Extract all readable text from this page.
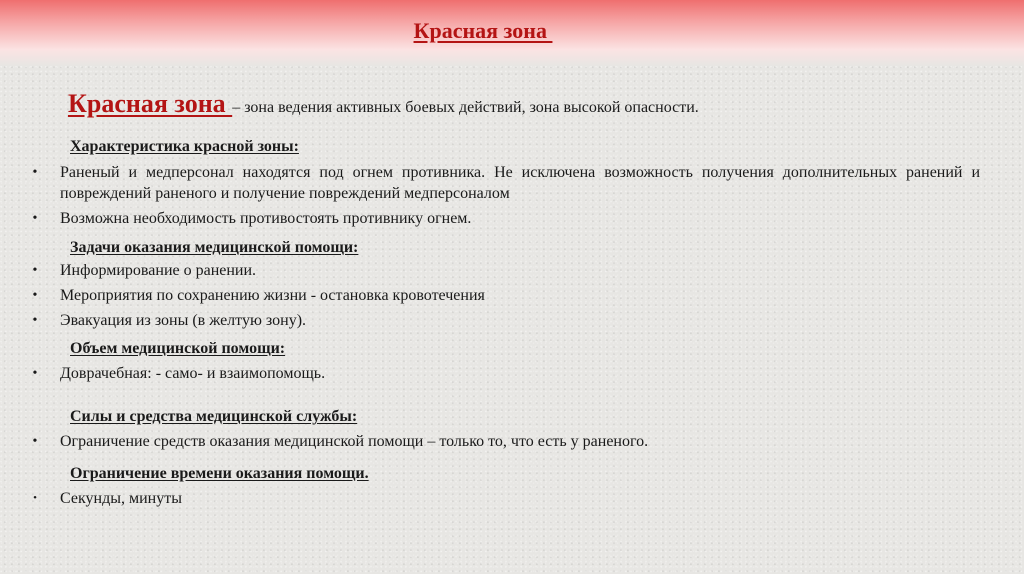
Красная зона
Красная зона – зона ведения активных боевых действий, зона высокой опасности.
Характеристика красной зоны:
• Раненый и медперсонал находятся под огнем противника. Не исключена возможность получения дополнительных ранений и повреждений раненого и получение повреждений медперсоналом
• Возможна необходимость противостоять противнику огнем.
Задачи оказания медицинской помощи:
• Информирование о ранении.
• Мероприятия по сохранению жизни - остановка кровотечения
• Эвакуация из зоны (в желтую зону).
Объем медицинской помощи:
• Доврачебная: - само- и взаимопомощь.
Силы и средства медицинской службы:
• Ограничение средств оказания медицинской помощи – только то, что есть у раненого.
Ограничение времени оказания помощи.
•	Секунды, минуты
